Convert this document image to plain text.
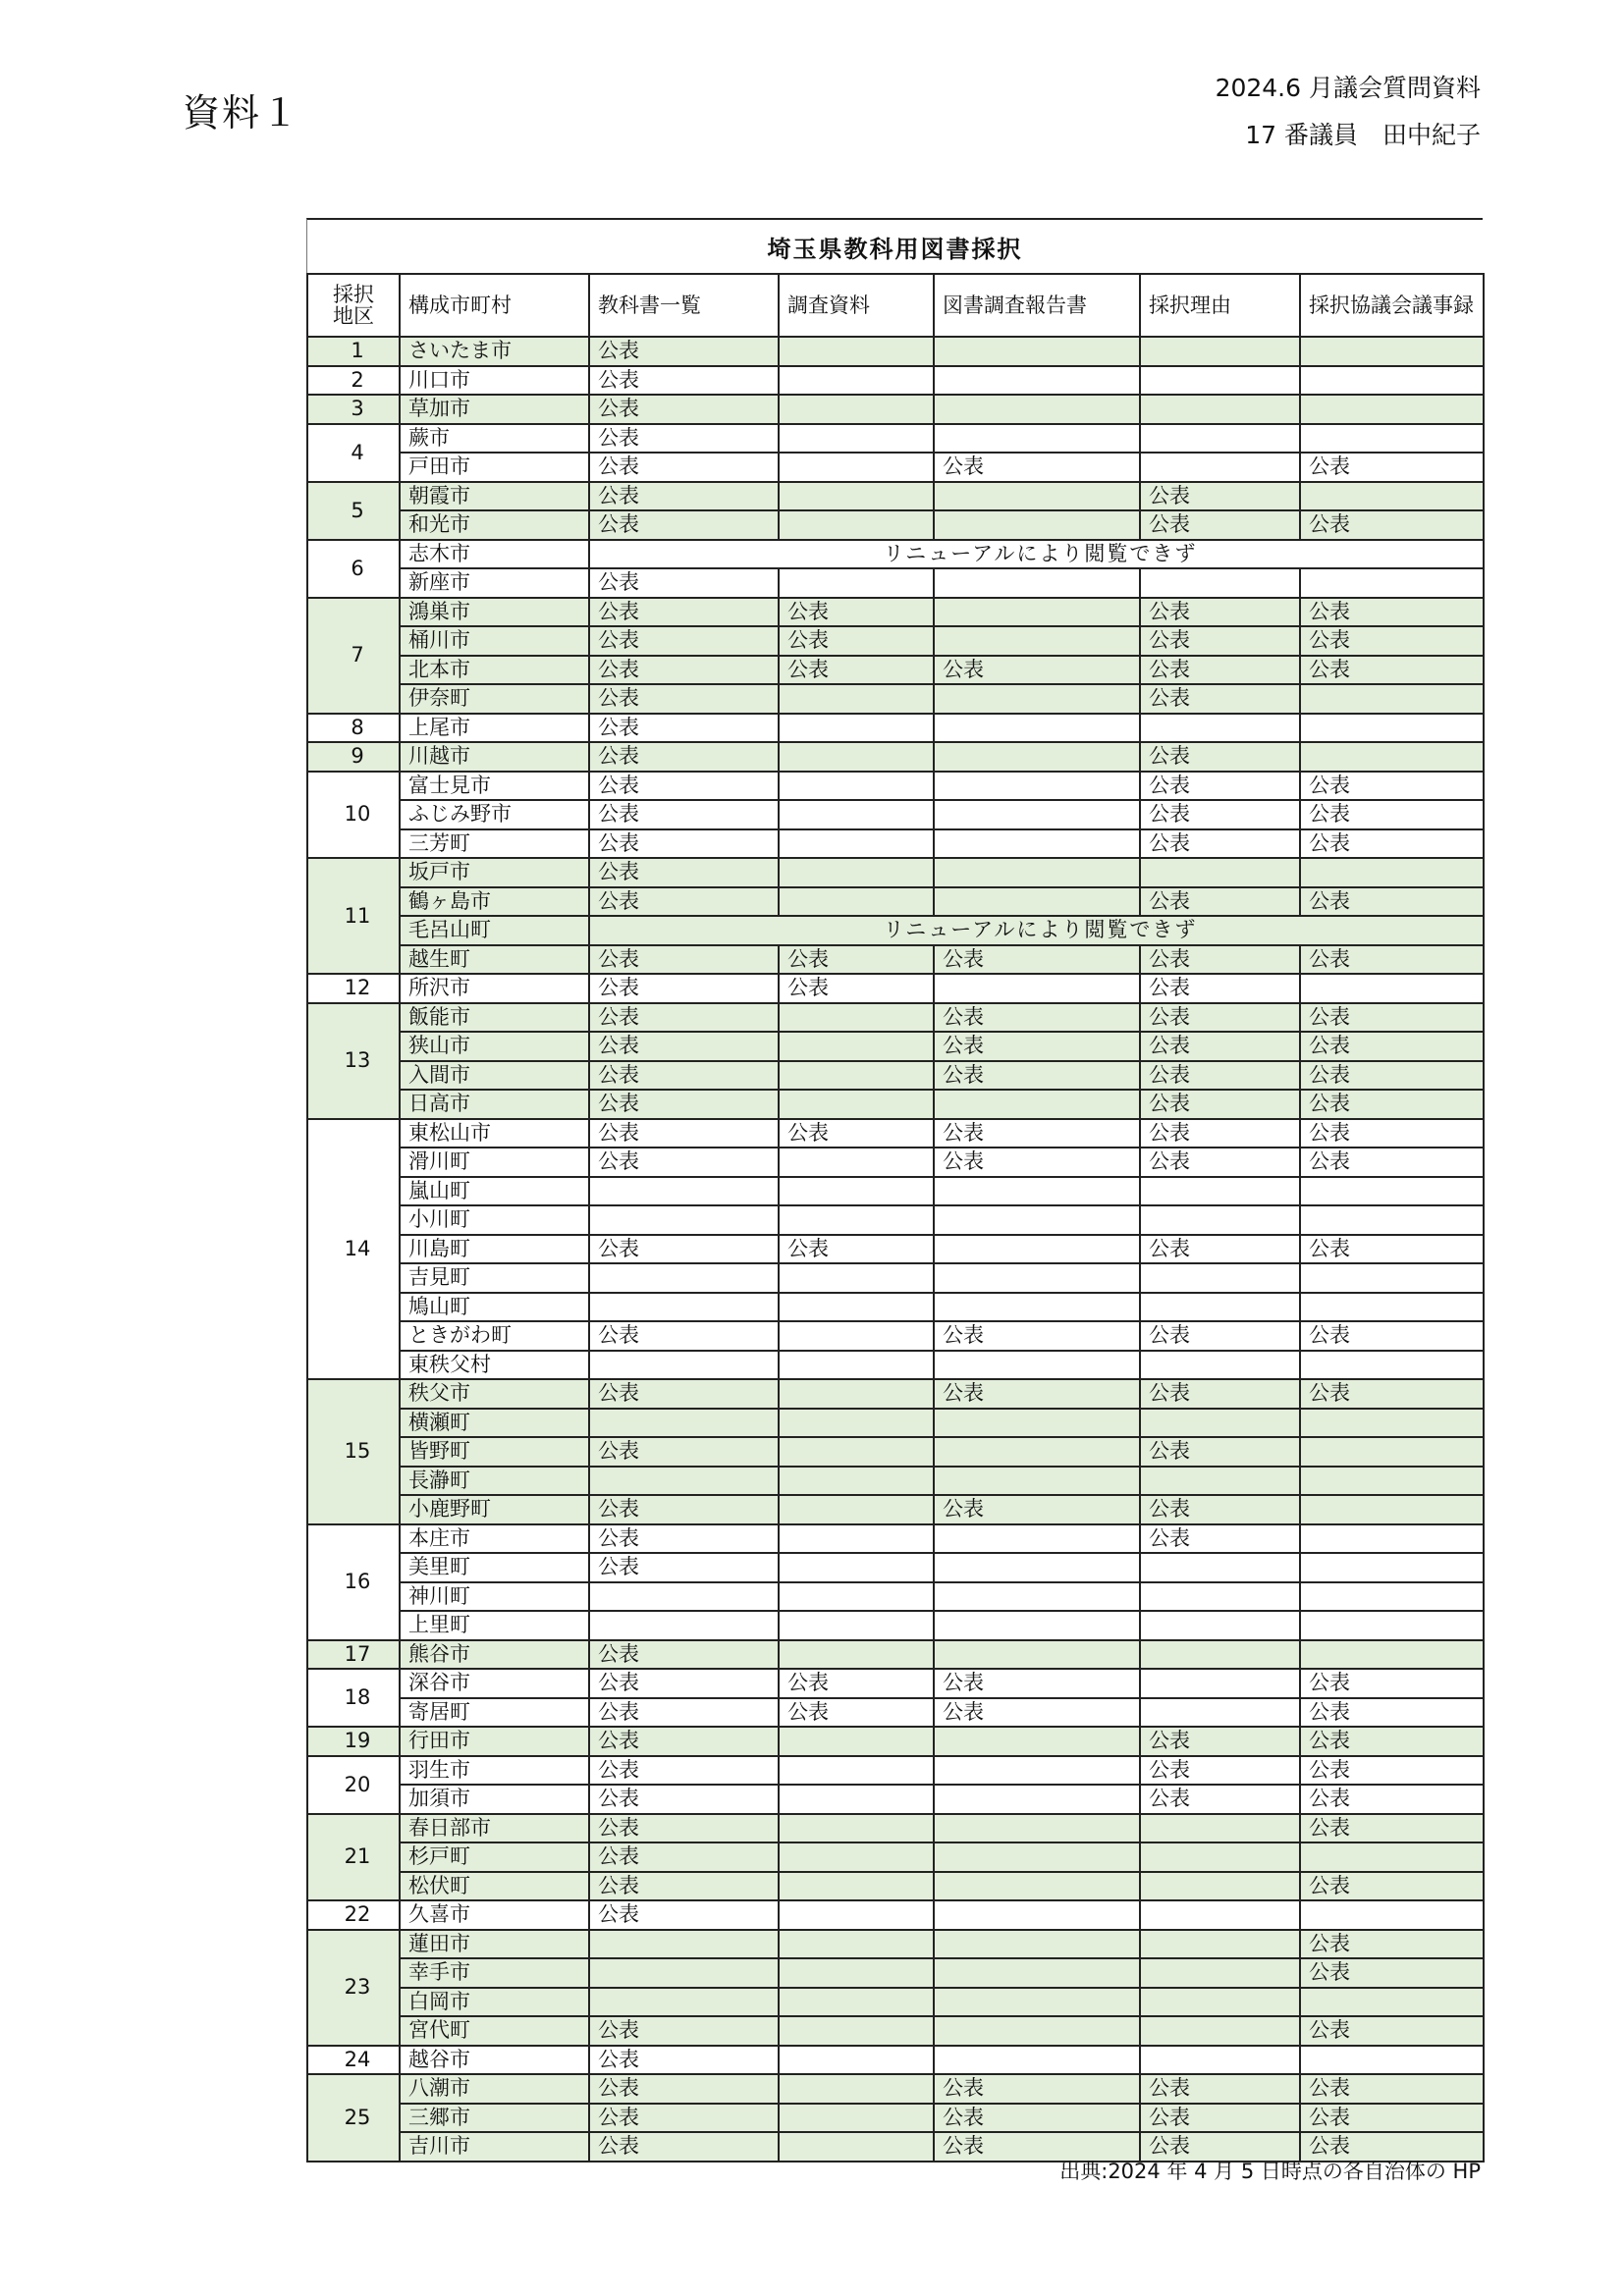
資料１
2024.6 月議会質問資料
17 番議員　田中紀子
埼玉県教科用図書採択
採択地区	構成市町村	教科書一覧	調査資料	図書調査報告書	採択理由	採択協議会議事録
1	さいたま市	公表				
2	川口市	公表				
3	草加市	公表				
4	蕨市	公表				
	戸田市	公表		公表		公表
5	朝霞市	公表			公表	
	和光市	公表			公表	公表
6	志木市	リニューアルにより閲覧できず				
	新座市	公表				
7	鴻巣市	公表	公表		公表	公表
	桶川市	公表	公表		公表	公表
	北本市	公表	公表	公表	公表	公表
	伊奈町	公表			公表	
8	上尾市	公表				
9	川越市	公表			公表	
10	富士見市	公表			公表	公表
	ふじみ野市	公表			公表	公表
	三芳町	公表			公表	公表
11	坂戸市	公表				
	鶴ヶ島市	公表			公表	公表
	毛呂山町	リニューアルにより閲覧できず				
	越生町	公表	公表	公表	公表	公表
12	所沢市	公表	公表		公表	
13	飯能市	公表		公表	公表	公表
	狭山市	公表		公表	公表	公表
	入間市	公表		公表	公表	公表
	日高市	公表			公表	公表
14	東松山市	公表	公表	公表	公表	公表
	滑川町	公表		公表	公表	公表
	嵐山町					
	小川町					
	川島町	公表	公表		公表	公表
	吉見町					
	鳩山町					
	ときがわ町	公表		公表	公表	公表
	東秩父村					
15	秩父市	公表		公表	公表	公表
	横瀬町					
	皆野町	公表			公表	
	長瀞町					
	小鹿野町	公表		公表	公表	
16	本庄市	公表			公表	
	美里町	公表				
	神川町					
	上里町					
17	熊谷市	公表				
18	深谷市	公表	公表	公表		公表
	寄居町	公表	公表	公表		公表
19	行田市	公表			公表	公表
20	羽生市	公表			公表	公表
	加須市	公表			公表	公表
21	春日部市	公表				公表
	杉戸町	公表				
	松伏町	公表				公表
22	久喜市	公表				
23	蓮田市					公表
	幸手市					公表
	白岡市					
	宮代町	公表				公表
24	越谷市	公表				
25	八潮市	公表		公表	公表	公表
	三郷市	公表		公表	公表	公表
	吉川市	公表		公表	公表	公表
出典:2024 年 4 月 5 日時点の各自治体の HP
